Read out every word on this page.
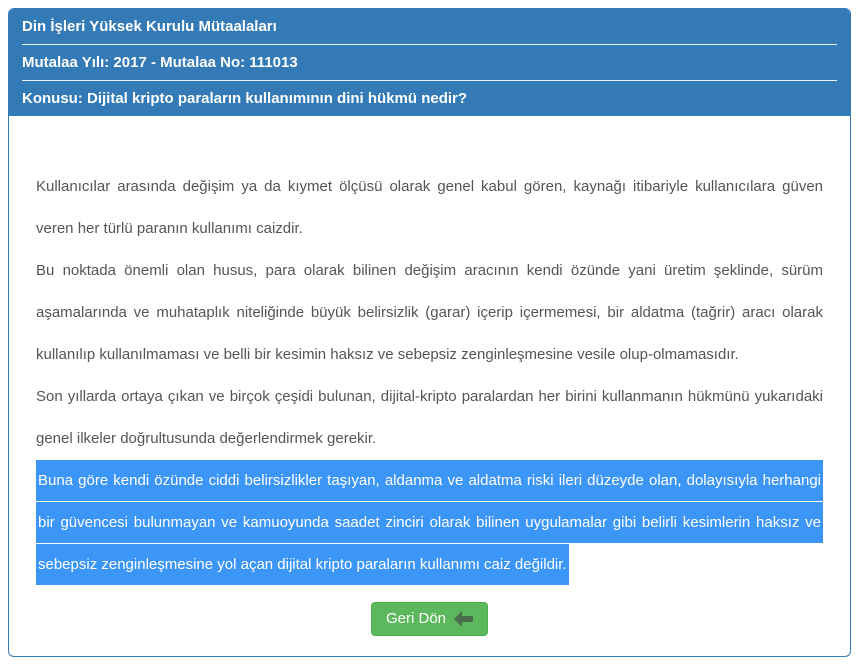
Din İşleri Yüksek Kurulu Mütaalaları
Mutalaa Yılı: 2017 - Mutalaa No: 111013
Konusu: Dijital kripto paraların kullanımının dini hükmü nedir?

Kullanıcılar arasında değişim ya da kıymet ölçüsü olarak genel kabul gören, kaynağı itibariyle kullanıcılara güven veren her türlü paranın kullanımı caizdir.

Bu noktada önemli olan husus, para olarak bilinen değişim aracının kendi özünde yani üretim şeklinde, sürüm aşamalarında ve muhataplık niteliğinde büyük belirsizlik (garar) içerip içermemesi, bir aldatma (tağrir) aracı olarak kullanılıp kullanılmaması ve belli bir kesimin haksız ve sebepsiz zenginleşmesine vesile olup-olmamasıdır.

Son yıllarda ortaya çıkan ve birçok çeşidi bulunan, dijital-kripto paralardan her birini kullanmanın hükmünü yukarıdaki genel ilkeler doğrultusunda değerlendirmek gerekir.

Buna göre kendi özünde ciddi belirsizlikler taşıyan, aldanma ve aldatma riski ileri düzeyde olan, dolayısıyla herhangi bir güvencesi bulunmayan ve kamuoyunda saadet zinciri olarak bilinen uygulamalar gibi belirli kesimlerin haksız ve sebepsiz zenginleşmesine yol açan dijital kripto paraların kullanımı caiz değildir.

Geri Dön
